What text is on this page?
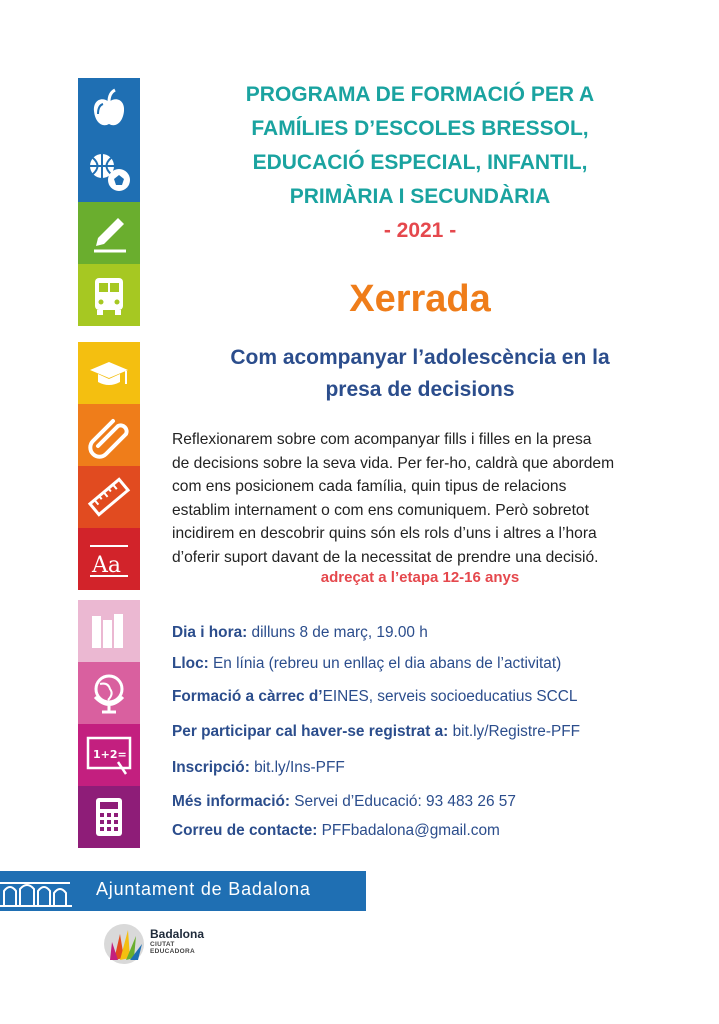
Aa
1+2=
PROGRAMA DE FORMACIÓ PER A
FAMÍLIES D’ESCOLES BRESSOL,
EDUCACIÓ ESPECIAL, INFANTIL,
PRIMÀRIA I SECUNDÀRIA
- 2021 -
Xerrada
Com acompanyar l’adolescència en la
presa de decisions
Reflexionarem sobre com acompanyar fills i filles en la presa
de decisions sobre la seva vida. Per fer-ho, caldrà que abordem
com ens posicionem cada família, quin tipus de relacions
establim internament o com ens comuniquem. Però sobretot
incidirem en descobrir quins són els rols d’uns i altres a l’hora
d’oferir suport davant de la necessitat de prendre una decisió.
adreçat a l’etapa 12-16 anys
Dia i hora: dilluns 8 de març, 19.00 h
Lloc: En línia (rebreu un enllaç el dia abans de l’activitat)
Formació a càrrec d’EINES, serveis socioeducatius SCCL
Per participar cal haver-se registrat a: bit.ly/Registre-PFF
Inscripció: bit.ly/Ins-PFF
Més informació: Servei d’Educació: 93 483 26 57
Correu de contacte: PFFbadalona@gmail.com
Ajuntament de Badalona
Badalona
CIUTAT
EDUCADORA
